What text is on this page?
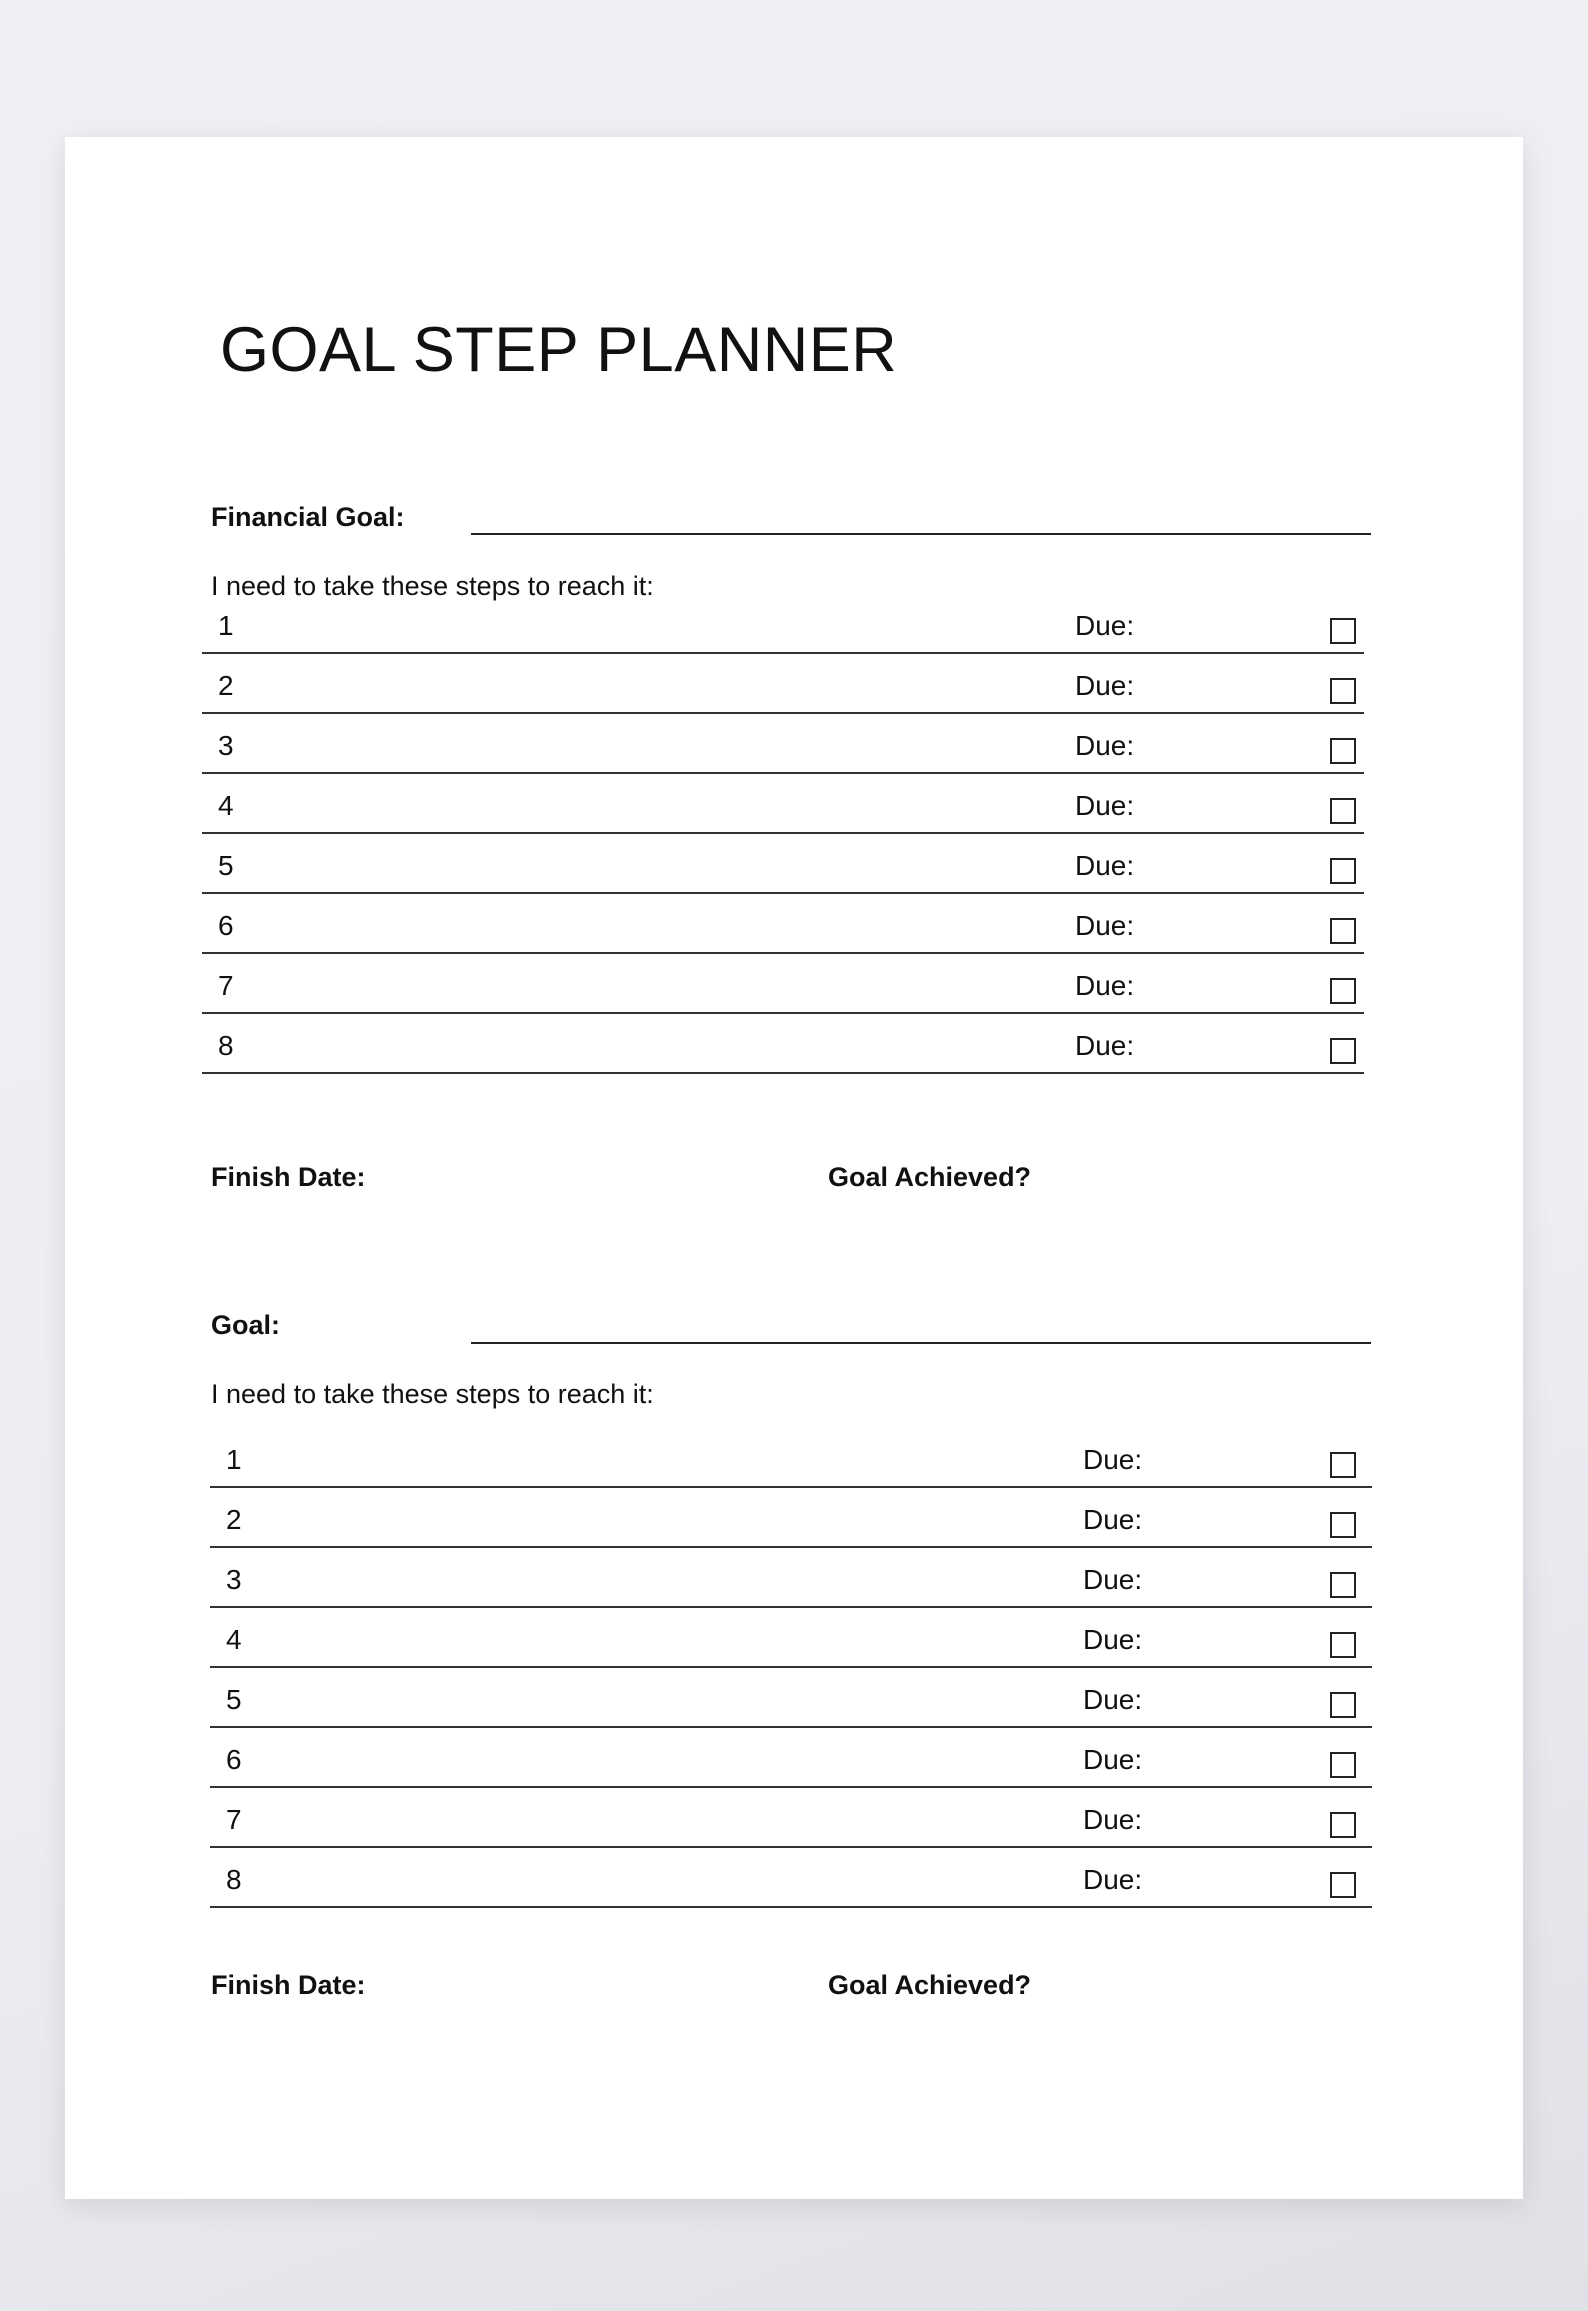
GOAL STEP PLANNER
Financial Goal:
I need to take these steps to reach it:
1	Due:
2	Due:
3	Due:
4	Due:
5	Due:
6	Due:
7	Due:
8	Due:
Finish Date:	Goal Achieved?
Goal:
I need to take these steps to reach it:
1	Due:
2	Due:
3	Due:
4	Due:
5	Due:
6	Due:
7	Due:
8	Due:
Finish Date:	Goal Achieved?
